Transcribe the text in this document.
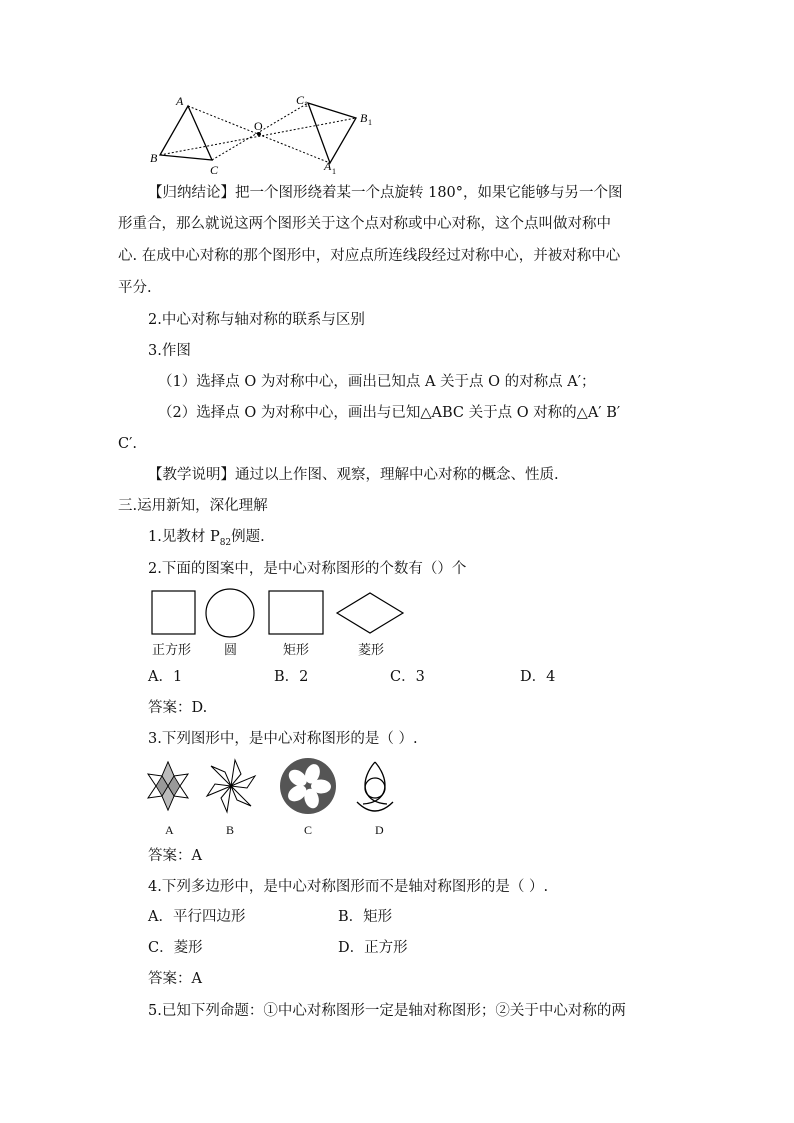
A
B
C
O
C 1
B 1
A 1
【归纳结论】把一个图形绕着某一个点旋转 180°，如果它能够与另一个图
形重合，那么就说这两个图形关于这个点对称或中心对称，这个点叫做对称中
心. 在成中心对称的那个图形中，对应点所连线段经过对称中心，并被对称中心
平分.
2.中心对称与轴对称的联系与区别
3.作图
（1）选择点 O 为对称中心，画出已知点 A 关于点 O 的对称点 A′；
（2）选择点 O 为对称中心，画出与已知△ABC 关于点 O 对称的△A′ B′
C′.
【教学说明】通过以上作图、观察，理解中心对称的概念、性质.
三.运用新知，深化理解
1.见教材 $P_{82}$例题.
2.下面的图案中，是中心对称图形的个数有（）个
正方形	圆	矩形	菱形
A．1	B．2	C．3	D．4
答案：D.
3.下列图形中，是中心对称图形的是（ ）.
A	B	C	D
答案：A
4.下列多边形中，是中心对称图形而不是轴对称图形的是（ ）.
A．平行四边形	B．矩形
C．菱形	D．正方形
答案：A
5.已知下列命题：①中心对称图形一定是轴对称图形；②关于中心对称的两
